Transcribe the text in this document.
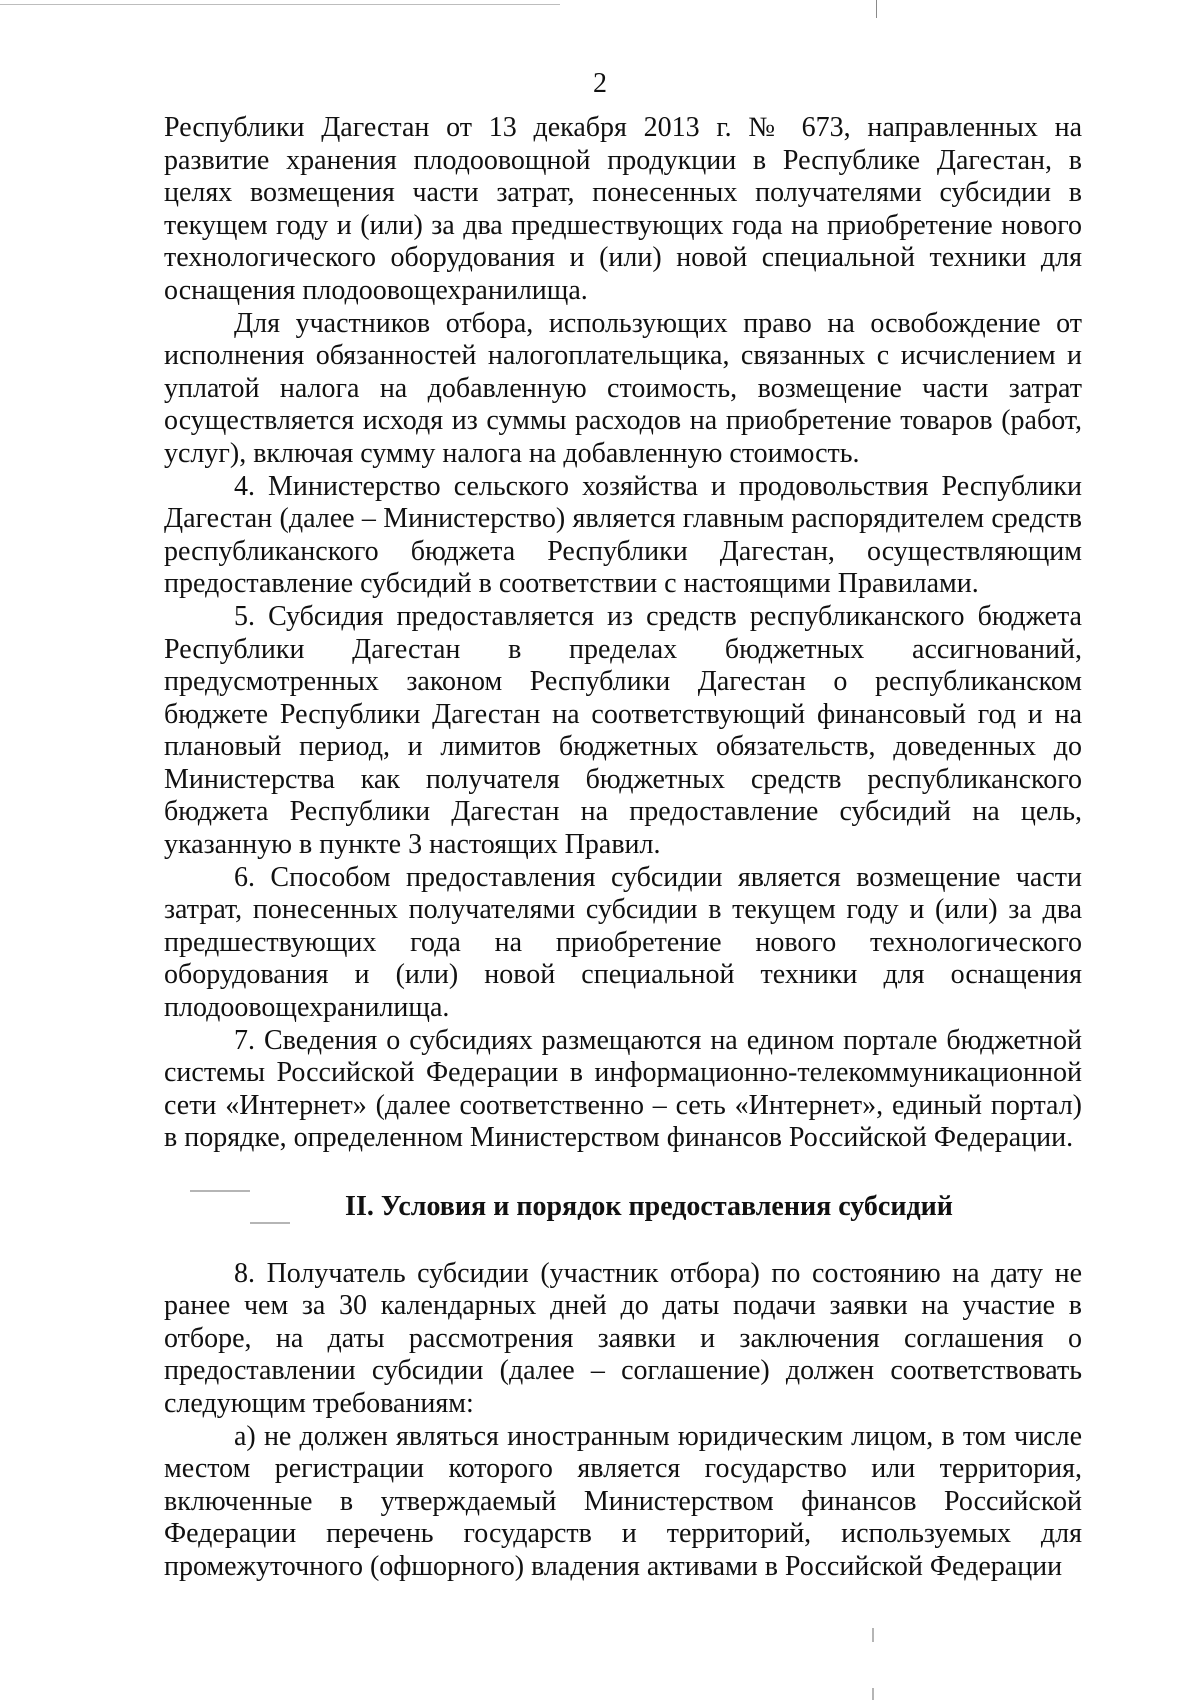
2

Республики Дагестан от 13 декабря 2013 г. № 673, направленных на развитие хранения плодоовощной продукции в Республике Дагестан, в целях возмещения части затрат, понесенных получателями субсидии в текущем году и (или) за два предшествующих года на приобретение нового технологического оборудования и (или) новой специальной техники для оснащения плодоовощехранилища.

Для участников отбора, использующих право на освобождение от исполнения обязанностей налогоплательщика, связанных с исчислением и уплатой налога на добавленную стоимость, возмещение части затрат осуществляется исходя из суммы расходов на приобретение товаров (работ, услуг), включая сумму налога на добавленную стоимость.

4. Министерство сельского хозяйства и продовольствия Республики Дагестан (далее – Министерство) является главным распорядителем средств республиканского бюджета Республики Дагестан, осуществляющим предоставление субсидий в соответствии с настоящими Правилами.

5. Субсидия предоставляется из средств республиканского бюджета Республики Дагестан в пределах бюджетных ассигнований, предусмотренных законом Республики Дагестан о республиканском бюджете Республики Дагестан на соответствующий финансовый год и на плановый период, и лимитов бюджетных обязательств, доведенных до Министерства как получателя бюджетных средств республиканского бюджета Республики Дагестан на предоставление субсидий на цель, указанную в пункте 3 настоящих Правил.

6. Способом предоставления субсидии является возмещение части затрат, понесенных получателями субсидии в текущем году и (или) за два предшествующих года на приобретение нового технологического оборудования и (или) новой специальной техники для оснащения плодоовощехранилища.

7. Сведения о субсидиях размещаются на едином портале бюджетной системы Российской Федерации в информационно-телекоммуникационной сети «Интернет» (далее соответственно – сеть «Интернет», единый портал) в порядке, определенном Министерством финансов Российской Федерации.

II. Условия и порядок предоставления субсидий

8. Получатель субсидии (участник отбора) по состоянию на дату не ранее чем за 30 календарных дней до даты подачи заявки на участие в отборе, на даты рассмотрения заявки и заключения соглашения о предоставлении субсидии (далее – соглашение) должен соответствовать следующим требованиям:

а) не должен являться иностранным юридическим лицом, в том числе местом регистрации которого является государство или территория, включенные в утверждаемый Министерством финансов Российской Федерации перечень государств и территорий, используемых для промежуточного (офшорного) владения активами в Российской Федерации
